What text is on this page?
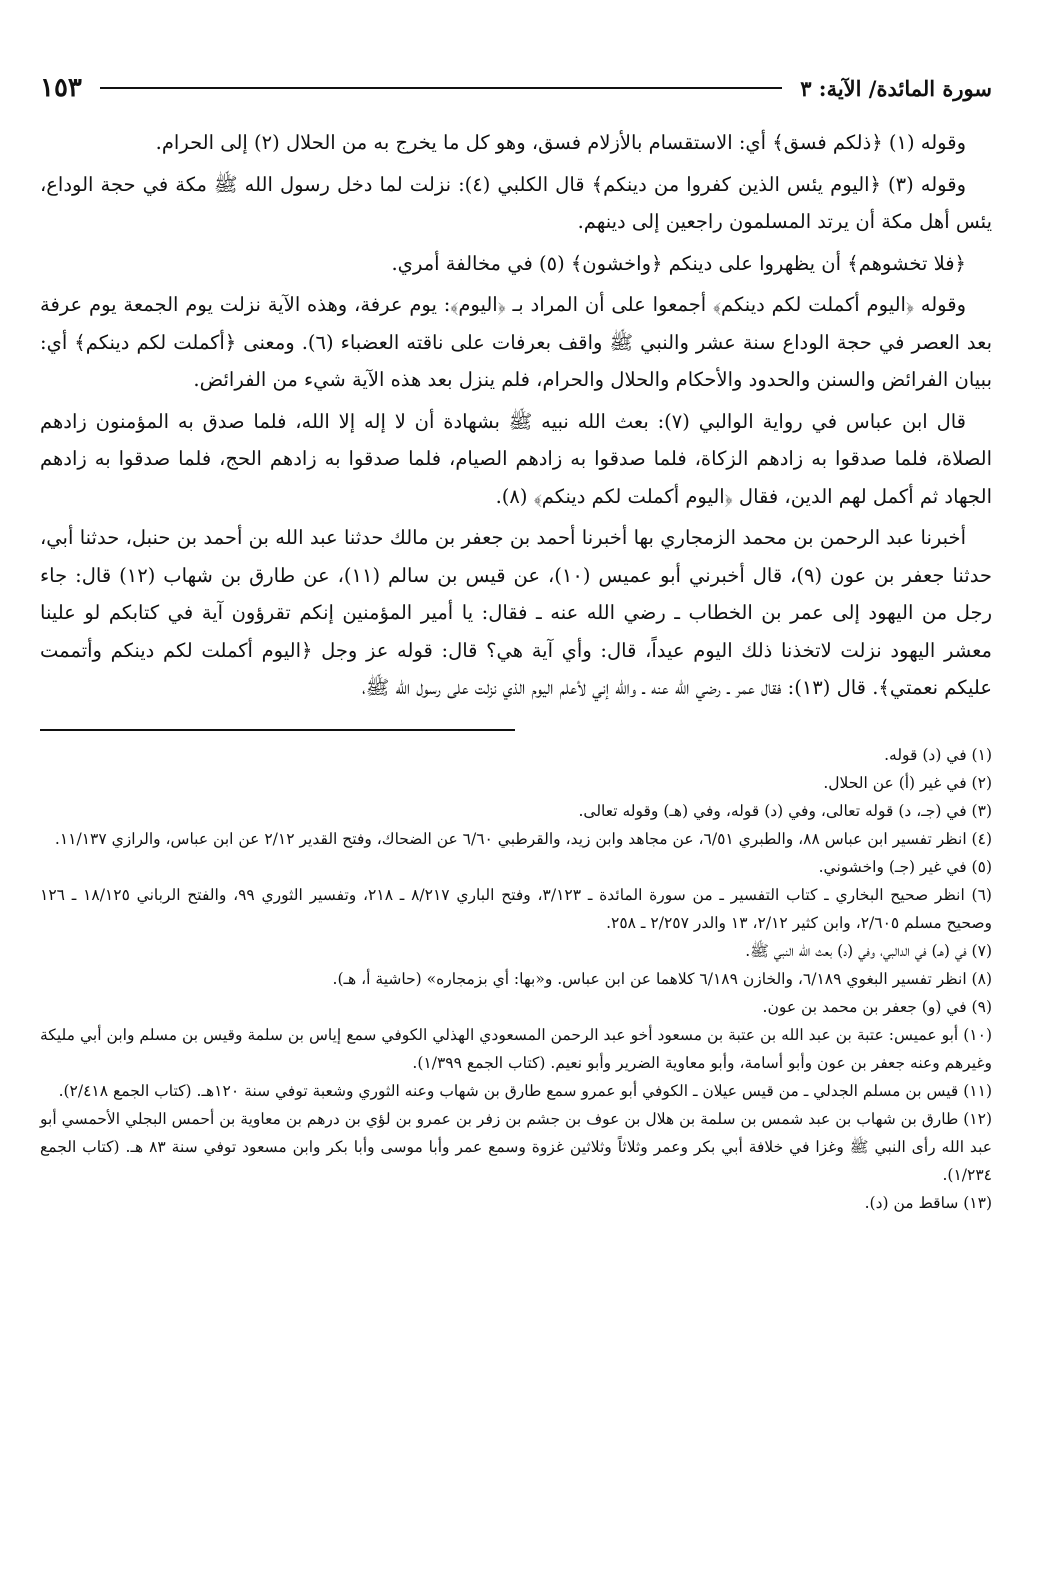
سورة المائدة/ الآية: ٣
١٥٣

وقوله (١) ﴿ذلكم فسق﴾ أي: الاستقسام بالأزلام فسق، وهو كل ما يخرج به من الحلال (٢) إلى الحرام.

وقوله (٣) ﴿اليوم يئس الذين كفروا من دينكم﴾ قال الكلبي (٤): نزلت لما دخل رسول الله ﷺ مكة في حجة الوداع، يئس أهل مكة أن يرتد المسلمون راجعين إلى دينهم.

﴿فلا تخشوهم﴾ أن يظهروا على دينكم ﴿واخشون﴾ (٥) في مخالفة أمري.

وقوله ﴿اليوم أكملت لكم دينكم﴾ أجمعوا على أن المراد بـ ﴿اليوم﴾: يوم عرفة، وهذه الآية نزلت يوم الجمعة يوم عرفة بعد العصر في حجة الوداع سنة عشر والنبي ﷺ واقف بعرفات على ناقته العضباء (٦). ومعنى ﴿أكملت لكم دينكم﴾ أي: ببيان الفرائض والسنن والحدود والأحكام والحلال والحرام، فلم ينزل بعد هذه الآية شيء من الفرائض.

قال ابن عباس في رواية الوالبي (٧): بعث الله نبيه ﷺ بشهادة أن لا إله إلا الله، فلما صدق به المؤمنون زادهم الصلاة، فلما صدقوا به زادهم الزكاة، فلما صدقوا به زادهم الصيام، فلما صدقوا به زادهم الحج، فلما صدقوا به زادهم الجهاد ثم أكمل لهم الدين، فقال ﴿اليوم أكملت لكم دينكم﴾ (٨).

أخبرنا عبد الرحمن بن محمد الزمجاري بها أخبرنا أحمد بن جعفر بن مالك حدثنا عبد الله بن أحمد بن حنبل، حدثنا أبي، حدثنا جعفر بن عون (٩)، قال أخبرني أبو عميس (١٠)، عن قيس بن سالم (١١)، عن طارق بن شهاب (١٢) قال: جاء رجل من اليهود إلى عمر بن الخطاب ـ رضي الله عنه ـ فقال: يا أمير المؤمنين إنكم تقرؤون آية في كتابكم لو علينا معشر اليهود نزلت لاتخذنا ذلك اليوم عيداً، قال: وأي آية هي؟ قال: قوله عز وجل ﴿اليوم أكملت لكم دينكم وأتممت عليكم نعمتي﴾. قال (١٣): فقال عمر ـ رضي الله عنه ـ والله إني لأعلم اليوم الذي نزلت على رسول الله ﷺ،

(١) في (د) قوله.

(٢) في غير (أ) عن الحلال.

(٣) في (جـ، د) قوله تعالى، وفي (د) قوله، وفي (هـ) وقوله تعالى.

(٤) انظر تفسير ابن عباس ٨٨، والطبري ٦/٥١، عن مجاهد وابن زيد، والقرطبي ٦/٦٠ عن الضحاك، وفتح القدير ٢/١٢ عن ابن عباس، والرازي ١١/١٣٧.

(٥) في غير (جـ) واخشوني.

(٦) انظر صحيح البخاري ـ كتاب التفسير ـ من سورة المائدة ـ ٣/١٢٣، وفتح الباري ٨/٢١٧ ـ ٢١٨، وتفسير الثوري ٩٩، والفتح الرباني ١٨/١٢٥ ـ ١٢٦ وصحيح مسلم ٢/٦٠٥، وابن كثير ٢/١٢، ١٣ والدر ٢/٢٥٧ ـ ٢٥٨.

(٧) في (هـ) في الدالبي، وفي (د) بعث الله النبي ﷺ.

(٨) انظر تفسير البغوي ٦/١٨٩، والخازن ٦/١٨٩ كلاهما عن ابن عباس. و«بها: أي بزمجاره» (حاشية أ، هـ).

(٩) في (و) جعفر بن محمد بن عون.

(١٠) أبو عميس: عتبة بن عبد الله بن عتبة بن مسعود أخو عبد الرحمن المسعودي الهذلي الكوفي سمع إياس بن سلمة وقيس بن مسلم وابن أبي مليكة وغيرهم وعنه جعفر بن عون وأبو أسامة، وأبو معاوية الضرير وأبو نعيم. (كتاب الجمع ١/٣٩٩).

(١١) قيس بن مسلم الجدلي ـ من قيس عيلان ـ الكوفي أبو عمرو سمع طارق بن شهاب وعنه الثوري وشعبة توفي سنة ١٢٠هـ. (كتاب الجمع ٢/٤١٨).

(١٢) طارق بن شهاب بن عبد شمس بن سلمة بن هلال بن عوف بن جشم بن زفر بن عمرو بن لؤي بن درهم بن معاوية بن أحمس البجلي الأحمسي أبو عبد الله رأى النبي ﷺ وغزا في خلافة أبي بكر وعمر وثلاثاً وثلاثين غزوة وسمع عمر وأبا موسى وأبا بكر وابن مسعود توفي سنة ٨٣ هـ. (كتاب الجمع ١/٢٣٤).

(١٣) ساقط من (د).
